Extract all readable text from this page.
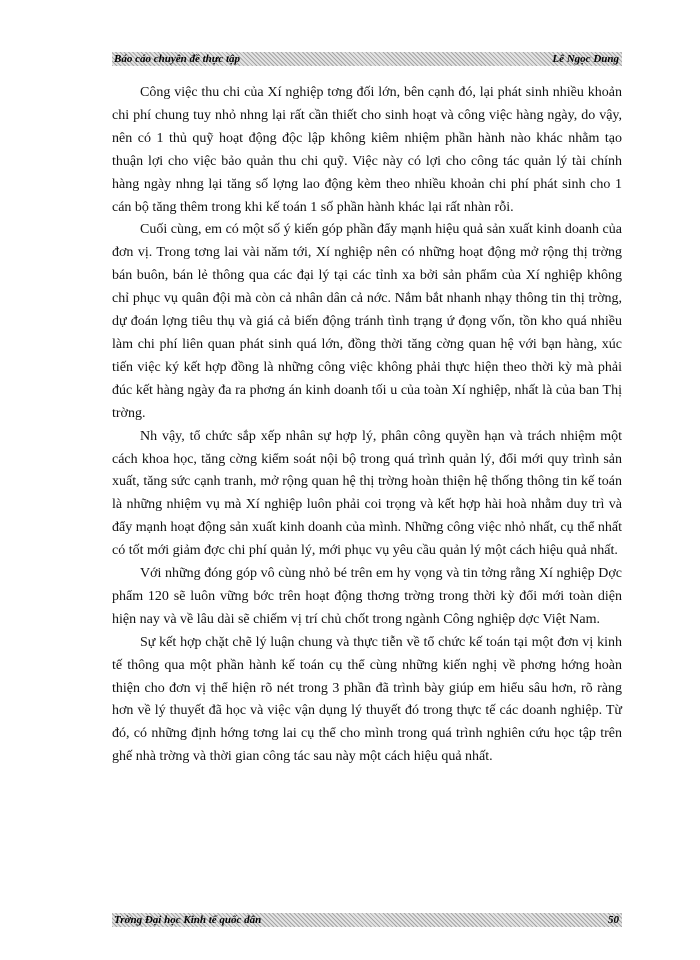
Báo cáo chuyên đề thực tập	Lê Ngọc Dung

Công việc thu chi của Xí nghiệp tơng đối lớn, bên cạnh đó, lại phát sinh nhiều khoản chi phí chung tuy nhỏ nhng lại rất cần thiết cho sinh hoạt và công việc hàng ngày, do vậy, nên có 1 thủ quỹ hoạt động độc lập không kiêm nhiệm phần hành nào khác nhằm tạo thuận lợi cho việc bảo quản thu chi quỹ. Việc này có lợi cho công tác quản lý tài chính hàng ngày nhng lại tăng số lợng lao động kèm theo nhiều khoản chi phí phát sinh cho 1 cán bộ tăng thêm trong khi kế toán 1 số phần hành khác lại rất nhàn rỗi.

Cuối cùng, em có một số ý kiến góp phần đẩy mạnh hiệu quả sản xuất kinh doanh của đơn vị. Trong tơng lai vài năm tới, Xí nghiệp nên có những hoạt động mở rộng thị trờng bán buôn, bán lẻ thông qua các đại lý tại các tỉnh xa bởi sản phẩm của Xí nghiệp không chỉ phục vụ quân đội mà còn cả nhân dân cả nớc. Nắm bắt nhanh nhạy thông tin thị trờng, dự đoán lợng tiêu thụ và giá cả biến động tránh tình trạng ứ đọng vốn, tồn kho quá nhiều làm chi phí liên quan phát sinh quá lớn, đồng thời tăng cờng quan hệ với bạn hàng, xúc tiến việc ký kết hợp đồng là những công việc không phải thực hiện theo thời kỳ mà phải đúc kết hàng ngày đa ra phơng án kinh doanh tối u của toàn Xí nghiệp, nhất là của ban Thị trờng.

Nh vậy, tổ chức sắp xếp nhân sự hợp lý, phân công quyền hạn và trách nhiệm một cách khoa học, tăng cờng kiểm soát nội bộ trong quá trình quản lý, đổi mới quy trình sản xuất, tăng sức cạnh tranh, mở rộng quan hệ thị trờng hoàn thiện hệ thống thông tin kế toán là những nhiệm vụ mà Xí nghiệp luôn phải coi trọng và kết hợp hài hoà nhằm duy trì và đẩy mạnh hoạt động sản xuất kinh doanh của mình. Những công việc nhỏ nhất, cụ thể nhất có tốt mới giảm đợc chi phí quản lý, mới phục vụ yêu cầu quản lý một cách hiệu quả nhất.

Với những đóng góp vô cùng nhỏ bé trên em hy vọng và tin tởng rằng Xí nghiệp Dợc phẩm 120 sẽ luôn vững bớc trên hoạt động thơng trờng trong thời kỳ đổi mới toàn diện hiện nay và về lâu dài sẽ chiếm vị trí chủ chốt trong ngành Công nghiệp dợc Việt Nam.

Sự kết hợp chặt chẽ lý luận chung và thực tiễn về tổ chức kế toán tại một đơn vị kinh tế thông qua một phần hành kế toán cụ thể cùng những kiến nghị về phơng hớng hoàn thiện cho đơn vị thể hiện rõ nét trong 3 phần đã trình bày giúp em hiểu sâu hơn, rõ ràng hơn về lý thuyết đã học và việc vận dụng lý thuyết đó trong thực tế các doanh nghiệp. Từ đó, có những định hớng tơng lai cụ thể cho mình trong quá trình nghiên cứu học tập trên ghế nhà trờng và thời gian công tác sau này một cách hiệu quả nhất.

Trờng Đại học Kinh tế quốc dân	50
